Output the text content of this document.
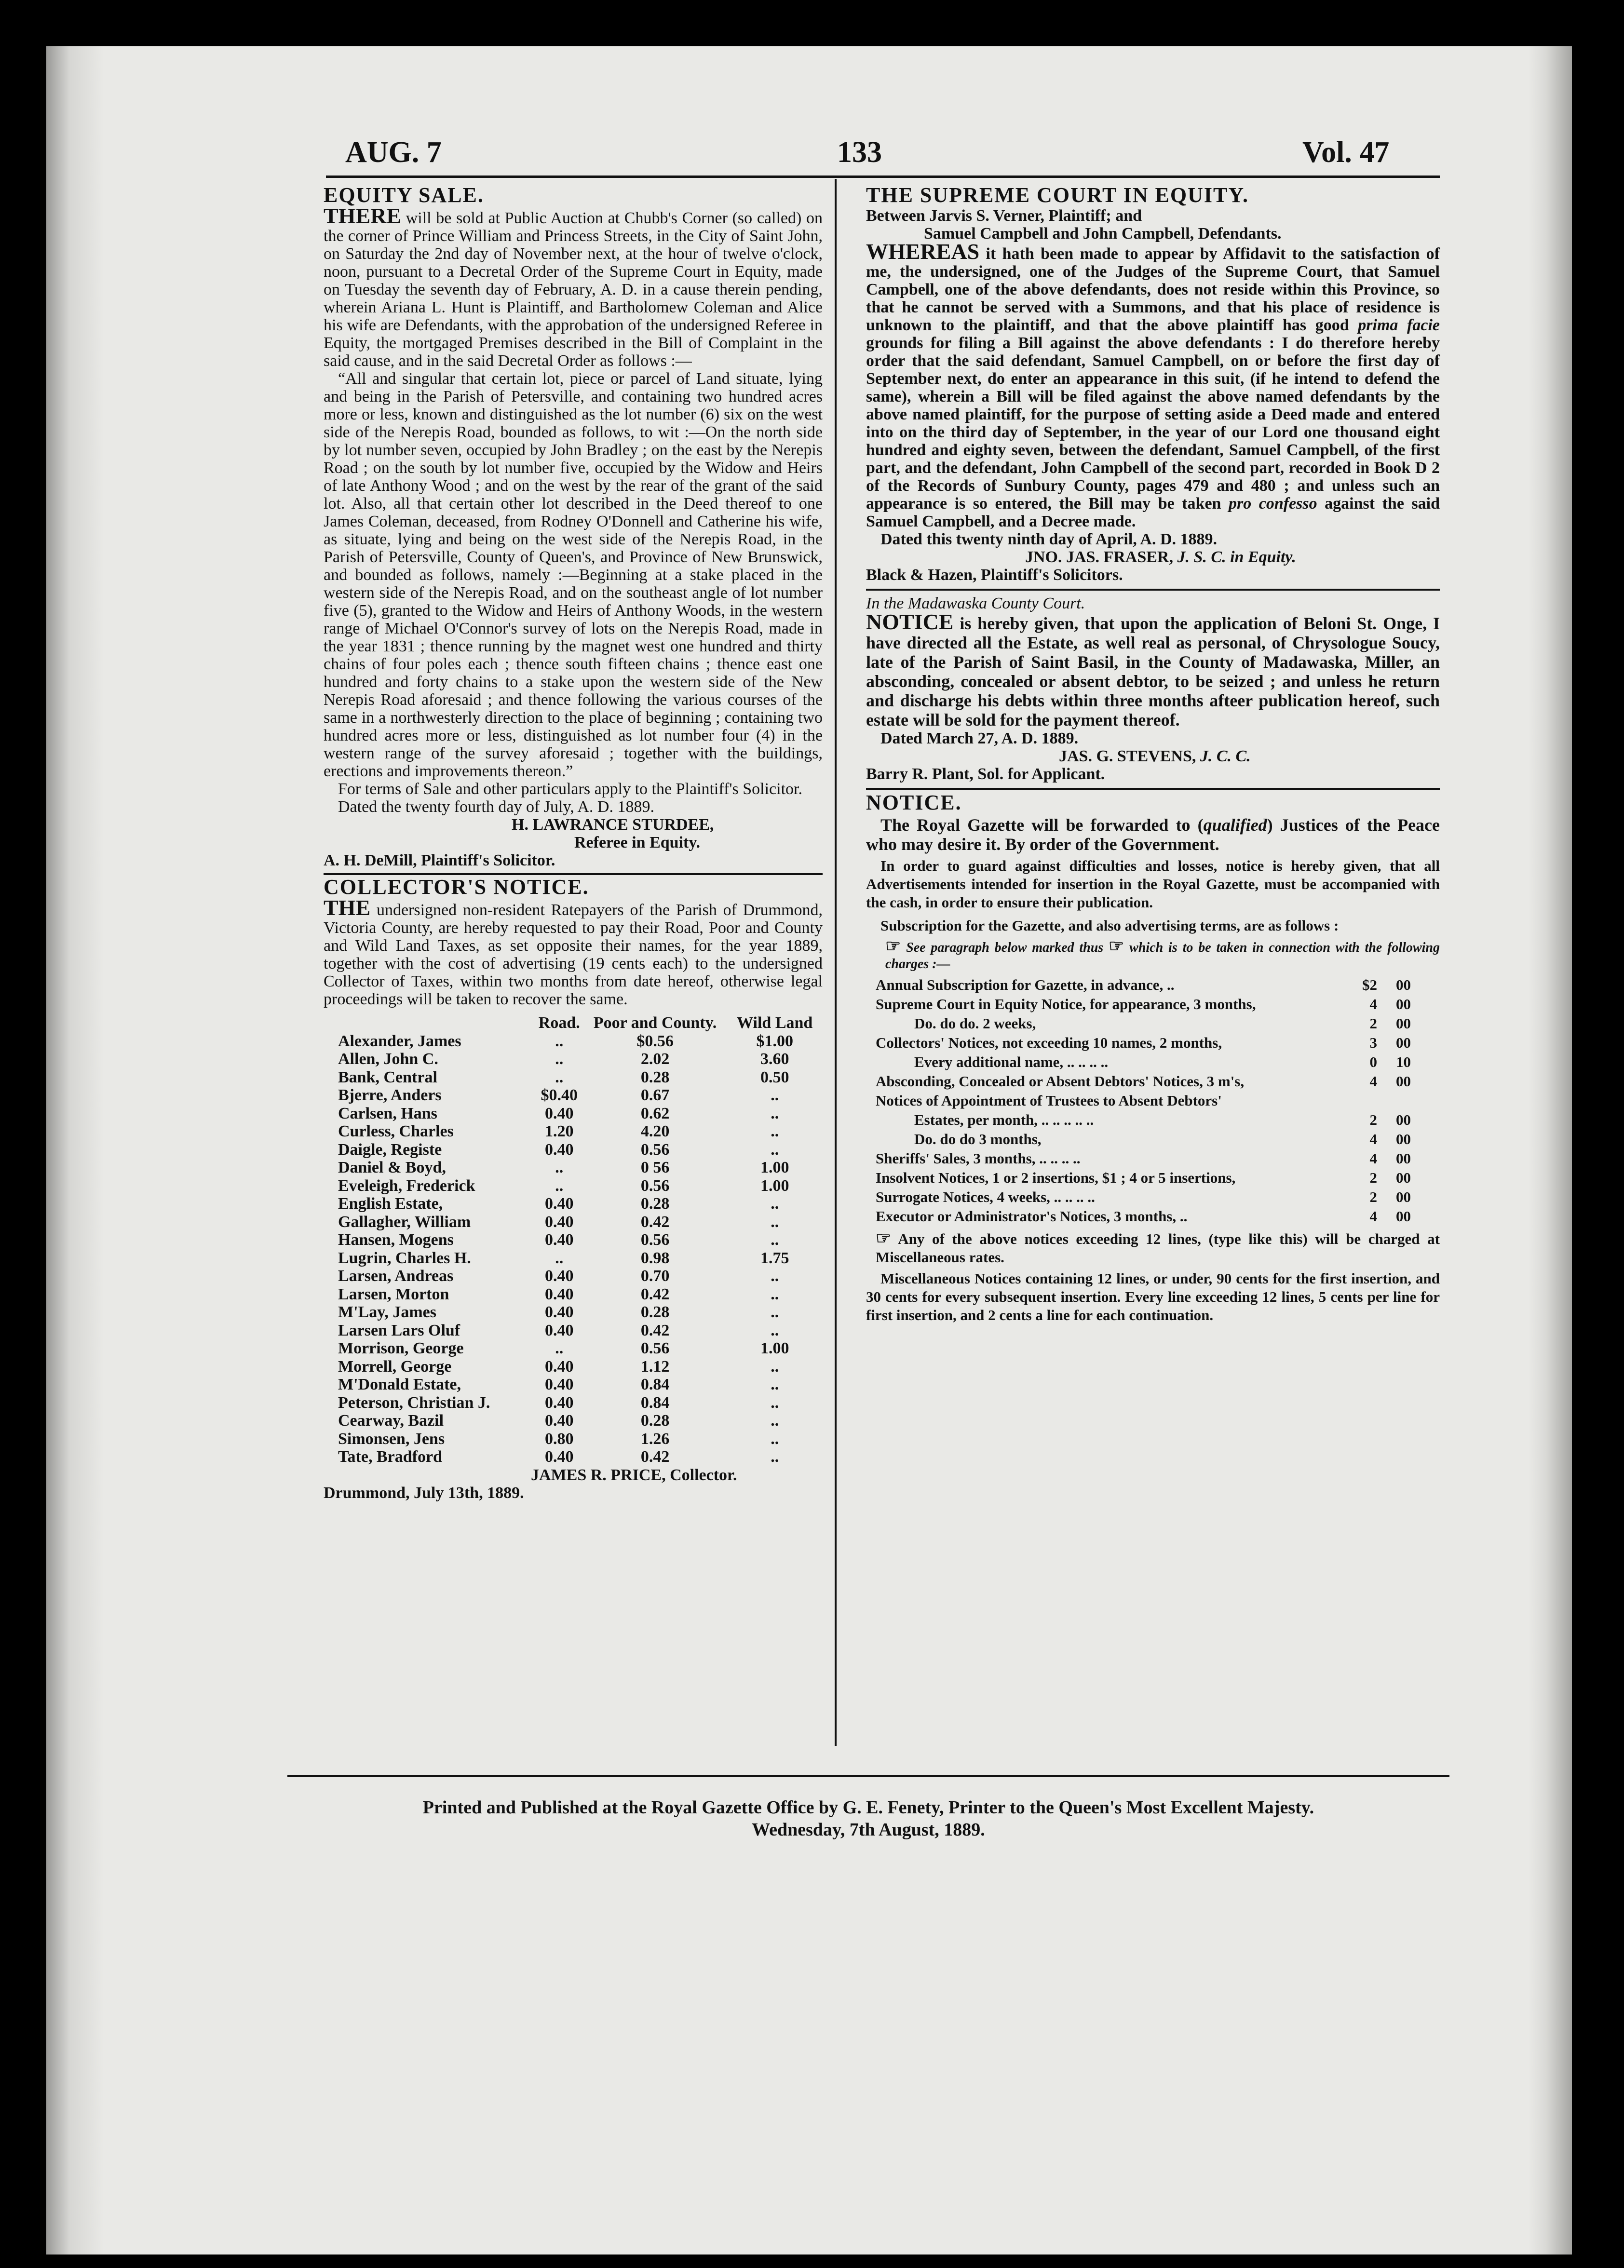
AUG. 7	133	Vol. 47

EQUITY SALE.

THERE will be sold at Public Auction at Chubb's Corner (so called) on the corner of Prince William and Princess Streets, in the City of Saint John, on Saturday the 2nd day of November next, at the hour of twelve o'clock, noon, pursuant to a Decretal Order of the Supreme Court in Equity, made on Tuesday the seventh day of February, A. D. in a cause therein pending, wherein Ariana L. Hunt is Plaintiff, and Bartholomew Coleman and Alice his wife are Defendants, with the approbation of the undersigned Referee in Equity, the mortgaged Premises described in the Bill of Complaint in the said cause, and in the said Decretal Order as follows :—

“All and singular that certain lot, piece or parcel of Land situate, lying and being in the Parish of Petersville, and containing two hundred acres more or less, known and distinguished as the lot number (6) six on the west side of the Nerepis Road, bounded as follows, to wit :—On the north side by lot number seven, occupied by John Bradley ; on the east by the Nerepis Road ; on the south by lot number five, occupied by the Widow and Heirs of late Anthony Wood ; and on the west by the rear of the grant of the said lot. Also, all that certain other lot described in the Deed thereof to one James Coleman, deceased, from Rodney O'Donnell and Catherine his wife, as situate, lying and being on the west side of the Nerepis Road, in the Parish of Petersville, County of Queen's, and Province of New Brunswick, and bounded as follows, namely :—Beginning at a stake placed in the western side of the Nerepis Road, and on the southeast angle of lot number five (5), granted to the Widow and Heirs of Anthony Woods, in the western range of Michael O'Connor's survey of lots on the Nerepis Road, made in the year 1831 ; thence running by the magnet west one hundred and thirty chains of four poles each ; thence south fifteen chains ; thence east one hundred and forty chains to a stake upon the western side of the New Nerepis Road aforesaid ; and thence following the various courses of the same in a northwesterly direction to the place of beginning ; containing two hundred acres more or less, distinguished as lot number four (4) in the western range of the survey aforesaid ; together with the buildings, erections and improvements thereon.”

For terms of Sale and other particulars apply to the Plaintiff's Solicitor.

Dated the twenty fourth day of July, A. D. 1889.

H. LAWRANCE STURDEE,

Referee in Equity.

A. H. DeMill, Plaintiff's Solicitor.

COLLECTOR'S NOTICE.

THE undersigned non-resident Ratepayers of the Parish of Drummond, Victoria County, are hereby requested to pay their Road, Poor and County and Wild Land Taxes, as set opposite their names, for the year 1889, together with the cost of advertising (19 cents each) to the undersigned Collector of Taxes, within two months from date hereof, otherwise legal proceedings will be taken to recover the same.

	Road.	Poor and County.	Wild Land
Alexander, James	..	$0.56	$1.00
Allen, John C.	..	2.02	3.60
Bank, Central	..	0.28	0.50
Bjerre, Anders	$0.40	0.67	..
Carlsen, Hans	0.40	0.62	..
Curless, Charles	1.20	4.20	..
Daigle, Registe	0.40	0.56	..
Daniel & Boyd,	..	0 56	1.00
Eveleigh, Frederick	..	0.56	1.00
English Estate,	0.40	0.28	..
Gallagher, William	0.40	0.42	..
Hansen, Mogens	0.40	0.56	..
Lugrin, Charles H.	..	0.98	1.75
Larsen, Andreas	0.40	0.70	..
Larsen, Morton	0.40	0.42	..
M'Lay, James	0.40	0.28	..
Larsen Lars Oluf	0.40	0.42	..
Morrison, George	..	0.56	1.00
Morrell, George	0.40	1.12	..
M'Donald Estate,	0.40	0.84	..
Peterson, Christian J.	0.40	0.84	..
Cearway, Bazil	0.40	0.28	..
Simonsen, Jens	0.80	1.26	..
Tate, Bradford	0.40	0.42	..

JAMES R. PRICE, Collector.

Drummond, July 13th, 1889.

THE SUPREME COURT IN EQUITY.

Between Jarvis S. Verner, Plaintiff; and

Samuel Campbell and John Campbell, Defendants.

WHEREAS it hath been made to appear by Affidavit to the satisfaction of me, the undersigned, one of the Judges of the Supreme Court, that Samuel Campbell, one of the above defendants, does not reside within this Province, so that he cannot be served with a Summons, and that his place of residence is unknown to the plaintiff, and that the above plaintiff has good prima facie grounds for filing a Bill against the above defendants : I do therefore hereby order that the said defendant, Samuel Campbell, on or before the first day of September next, do enter an appearance in this suit, (if he intend to defend the same), wherein a Bill will be filed against the above named defendants by the above named plaintiff, for the purpose of setting aside a Deed made and entered into on the third day of September, in the year of our Lord one thousand eight hundred and eighty seven, between the defendant, Samuel Campbell, of the first part, and the defendant, John Campbell of the second part, recorded in Book D 2 of the Records of Sunbury County, pages 479 and 480 ; and unless such an appearance is so entered, the Bill may be taken pro confesso against the said Samuel Campbell, and a Decree made.

Dated this twenty ninth day of April, A. D. 1889.

JNO. JAS. FRASER, J. S. C. in Equity.

Black & Hazen, Plaintiff's Solicitors.

In the Madawaska County Court.

NOTICE is hereby given, that upon the application of Beloni St. Onge, I have directed all the Estate, as well real as personal, of Chrysologue Soucy, late of the Parish of Saint Basil, in the County of Madawaska, Miller, an absconding, concealed or absent debtor, to be seized ; and unless he return and discharge his debts within three months afteer publication hereof, such estate will be sold for the payment thereof.

Dated March 27, A. D. 1889.

JAS. G. STEVENS, J. C. C.

Barry R. Plant, Sol. for Applicant.

NOTICE.

The Royal Gazette will be forwarded to (qualified) Justices of the Peace who may desire it. By order of the Government.

In order to guard against difficulties and losses, notice is hereby given, that all Advertisements intended for insertion in the Royal Gazette, must be accompanied with the cash, in order to ensure their publication.

Subscription for the Gazette, and also advertising terms, are as follows :

☞ See paragraph below marked thus ☞ which is to be taken in connection with the following charges :—

Annual Subscription for Gazette, in advance, ..	$2	00
Supreme Court in Equity Notice, for appearance, 3 months,	4	00
Do. do do. 2 weeks,	2	00
Collectors' Notices, not exceeding 10 names, 2 months,	3	00
Every additional name, .. .. .. ..	0	10
Absconding, Concealed or Absent Debtors' Notices, 3 m's,	4	00
Notices of Appointment of Trustees to Absent Debtors'		
Estates, per month, .. .. .. .. ..	2	00
Do. do do 3 months,	4	00
Sheriffs' Sales, 3 months, .. .. .. ..	4	00
Insolvent Notices, 1 or 2 insertions, $1 ; 4 or 5 insertions,	2	00
Surrogate Notices, 4 weeks, .. .. .. ..	2	00
Executor or Administrator's Notices, 3 months, ..	4	00

☞ Any of the above notices exceeding 12 lines, (type like this) will be charged at Miscellaneous rates.

Miscellaneous Notices containing 12 lines, or under, 90 cents for the first insertion, and 30 cents for every subsequent insertion. Every line exceeding 12 lines, 5 cents per line for first insertion, and 2 cents a line for each continuation.

Printed and Published at the Royal Gazette Office by G. E. Fenety, Printer to the Queen's Most Excellent Majesty.
Wednesday, 7th August, 1889.
